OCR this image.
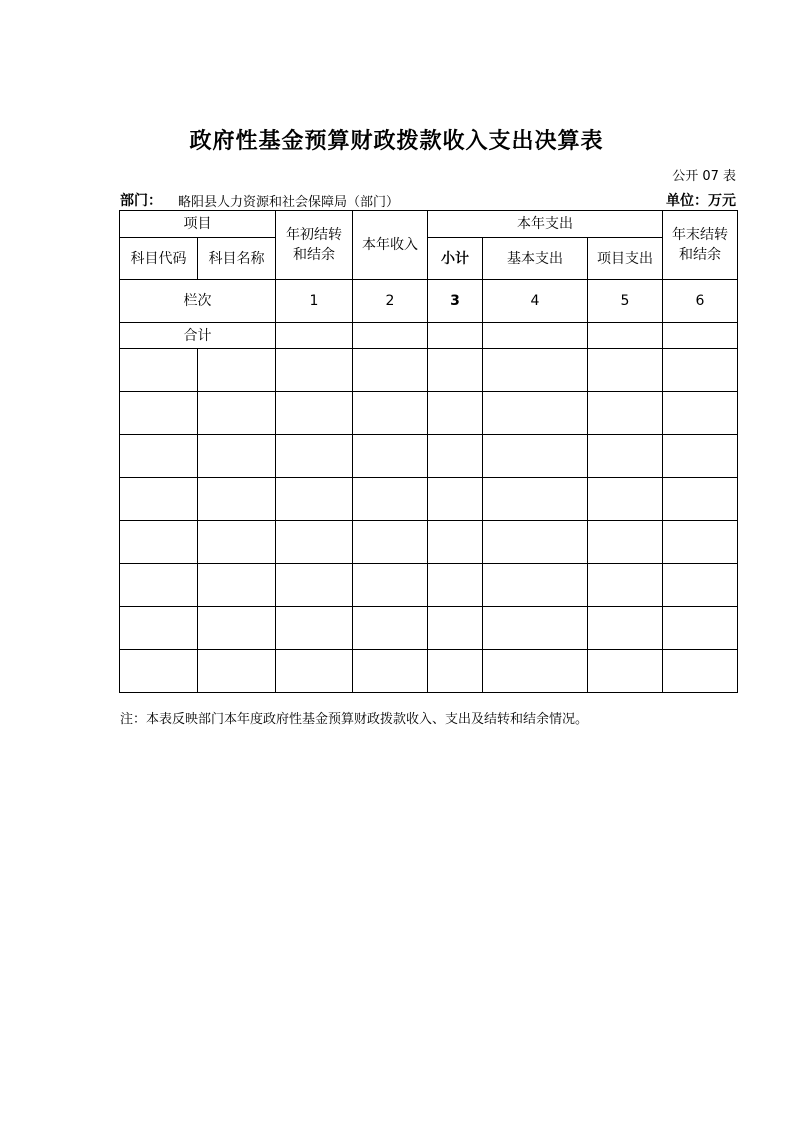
政府性基金预算财政拨款收入支出决算表
公开 07 表
部门： 略阳县人力资源和社会保障局（部门）	单位：万元
项目		年初结转和结余	本年收入	本年支出			年末结转和结余

科目代码	科目名称			小计	基本支出	项目支出	
栏次		1	2	3	4	5	6
合计							

注：本表反映部门本年度政府性基金预算财政拨款收入、支出及结转和结余情况。
